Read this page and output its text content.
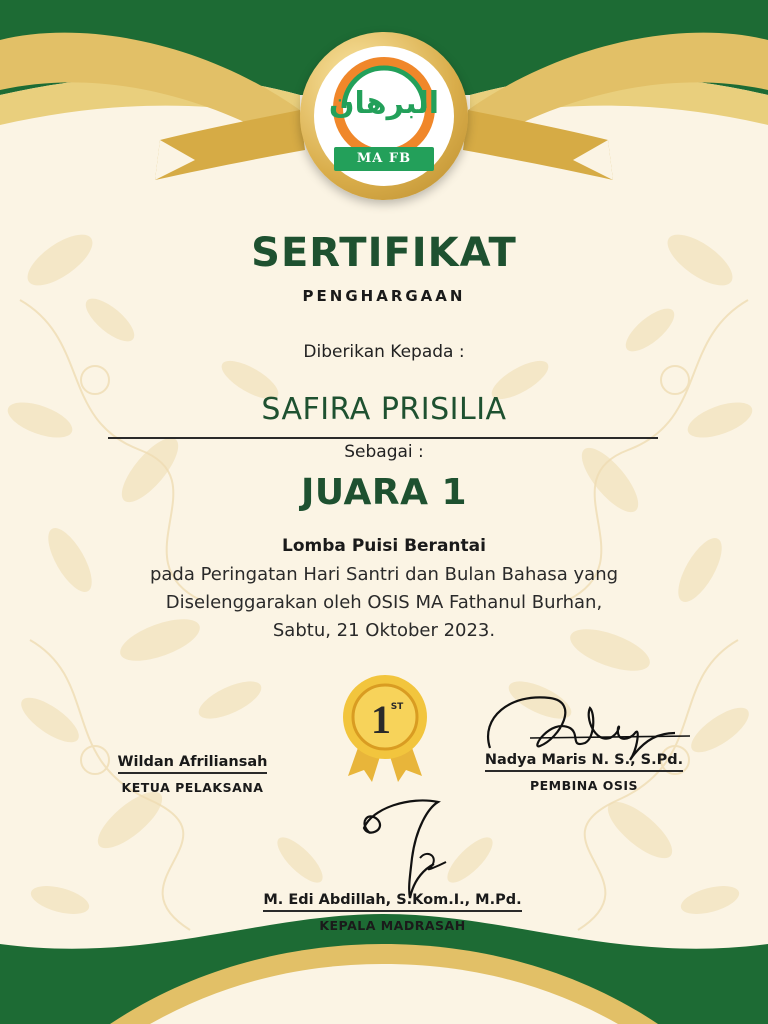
البرهان
MA FB
SERTIFIKAT
PENGHARGAAN
Diberikan Kepada :
SAFIRA PRISILIA
Sebagai :
JUARA 1
Lomba Puisi Berantai
pada Peringatan Hari Santri dan Bulan Bahasa yang
Diselenggarakan oleh OSIS MA Fathanul Burhan,
Sabtu, 21 Oktober 2023.
1 ST
Wildan Afriliansah
KETUA PELAKSANA
Nadya Maris N. S., S.Pd.
PEMBINA OSIS
M. Edi Abdillah, S.Kom.I., M.Pd.
KEPALA MADRASAH
